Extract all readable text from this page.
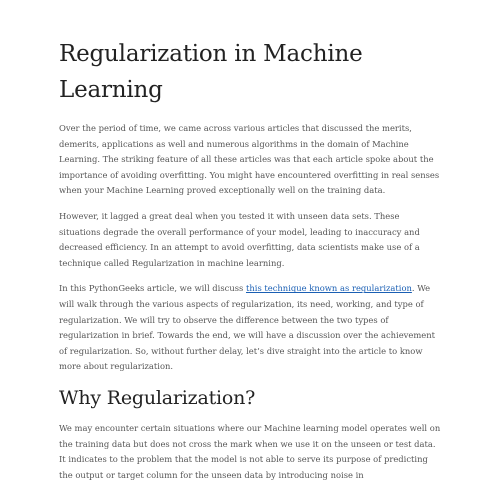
Regularization in Machine Learning

Over the period of time, we came across various articles that discussed the merits, demerits, applications as well and numerous algorithms in the domain of Machine Learning. The striking feature of all these articles was that each article spoke about the importance of avoiding overfitting. You might have encountered overfitting in real senses when your Machine Learning proved exceptionally well on the training data.

However, it lagged a great deal when you tested it with unseen data sets. These situations degrade the overall performance of your model, leading to inaccuracy and decreased efficiency. In an attempt to avoid overfitting, data scientists make use of a technique called Regularization in machine learning.

In this PythonGeeks article, we will discuss this technique known as regularization. We will walk through the various aspects of regularization, its need, working, and type of regularization. We will try to observe the difference between the two types of regularization in brief. Towards the end, we will have a discussion over the achievement of regularization. So, without further delay, let’s dive straight into the article to know more about regularization.

Why Regularization?

We may encounter certain situations where our Machine learning model operates well on the training data but does not cross the mark when we use it on the unseen or test data. It indicates to the problem that the model is not able to serve its purpose of predicting the output or target column for the unseen data by introducing noise in
